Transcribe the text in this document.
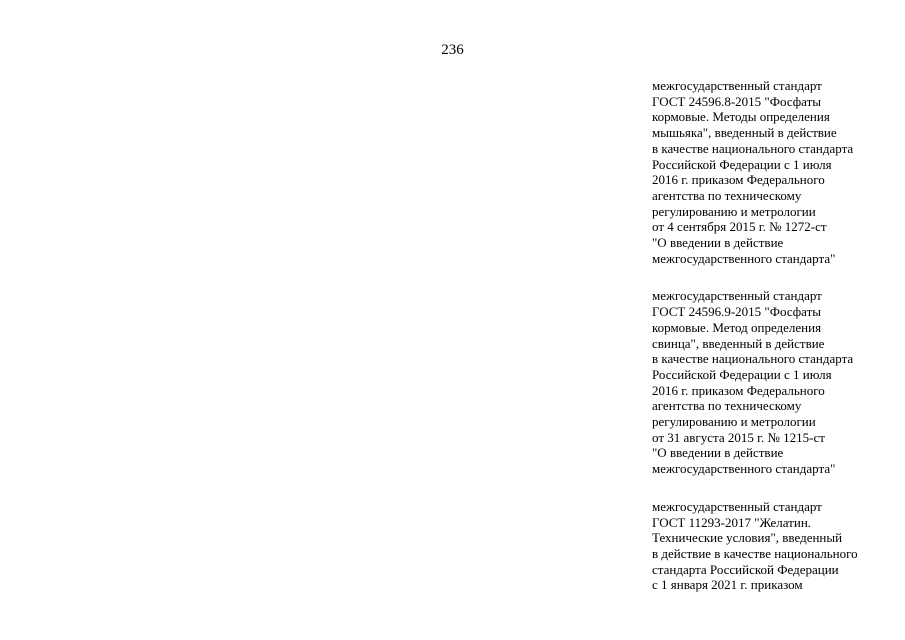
236
межгосударственный стандарт
ГОСТ 24596.8-2015 "Фосфаты
кормовые. Методы определения
мышьяка", введенный в действие
в качестве национального стандарта
Российской Федерации с 1 июля
2016 г. приказом Федерального
агентства по техническому
регулированию и метрологии
от 4 сентября 2015 г. № 1272-ст
"О введении в действие
межгосударственного стандарта"
межгосударственный стандарт
ГОСТ 24596.9-2015 "Фосфаты
кормовые. Метод определения
свинца", введенный в действие
в качестве национального стандарта
Российской Федерации с 1 июля
2016 г. приказом Федерального
агентства по техническому
регулированию и метрологии
от 31 августа 2015 г. № 1215-ст
"О введении в действие
межгосударственного стандарта"
межгосударственный стандарт
ГОСТ 11293-2017 "Желатин.
Технические условия", введенный
в действие в качестве национального
стандарта Российской Федерации
с 1 января 2021 г. приказом
